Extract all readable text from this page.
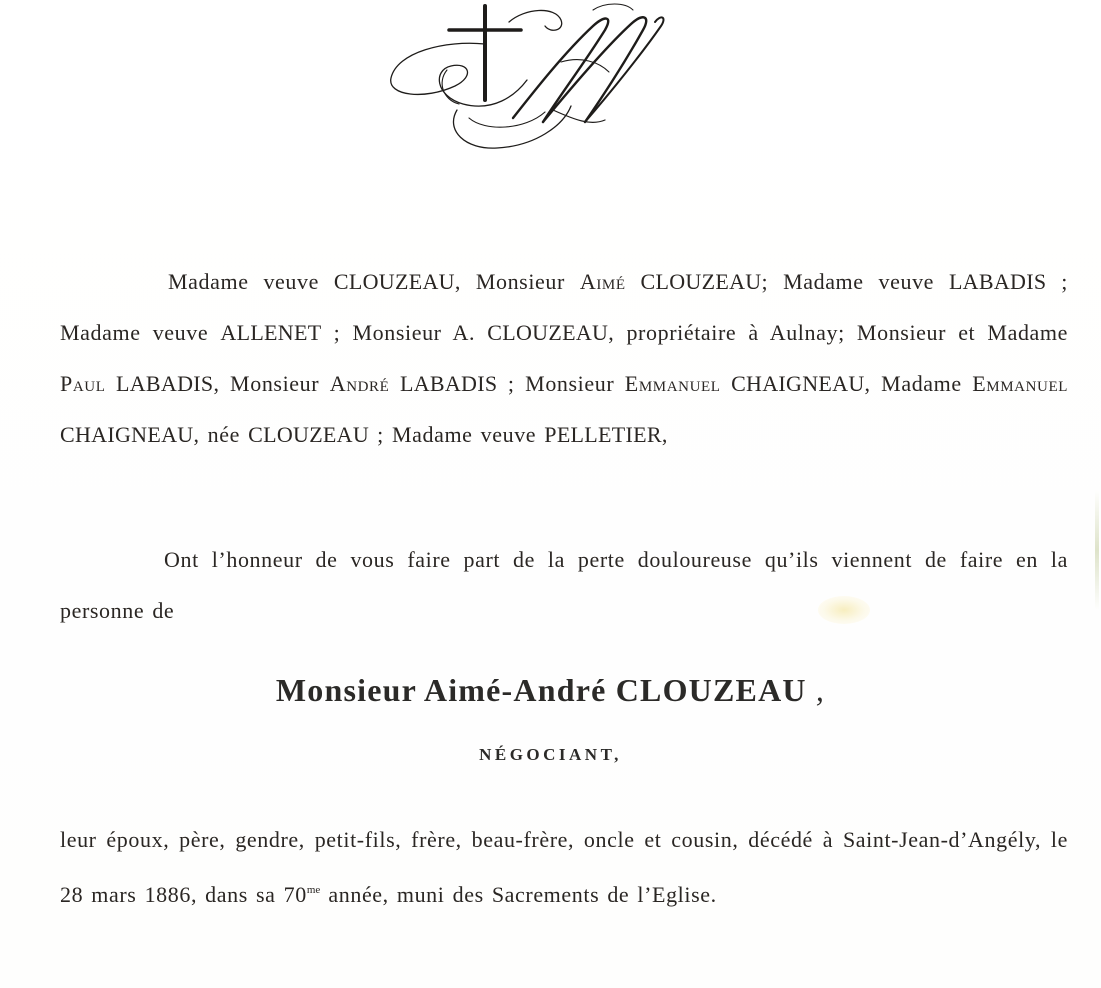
Madame veuve CLOUZEAU, Monsieur Aimé CLOUZEAU; Madame veuve LABADIS ; Madame veuve ALLENET ; Monsieur A. CLOUZEAU, propriétaire à Aulnay; Monsieur et Madame Paul LABADIS, Monsieur André LABADIS ; Monsieur Emmanuel CHAIGNEAU, Madame Emmanuel CHAIGNEAU, née CLOUZEAU ; Madame veuve PELLETIER,

Ont l’honneur de vous faire part de la perte douloureuse qu’ils viennent de faire en la personne de

Monsieur Aimé-André CLOUZEAU ,
NÉGOCIANT,

leur époux, père, gendre, petit-fils, frère, beau-frère, oncle et cousin, décédé à Saint-Jean-d’Angély, le 28 mars 1886, dans sa $70^{me}$ année, muni des Sacrements de l’Eglise.
